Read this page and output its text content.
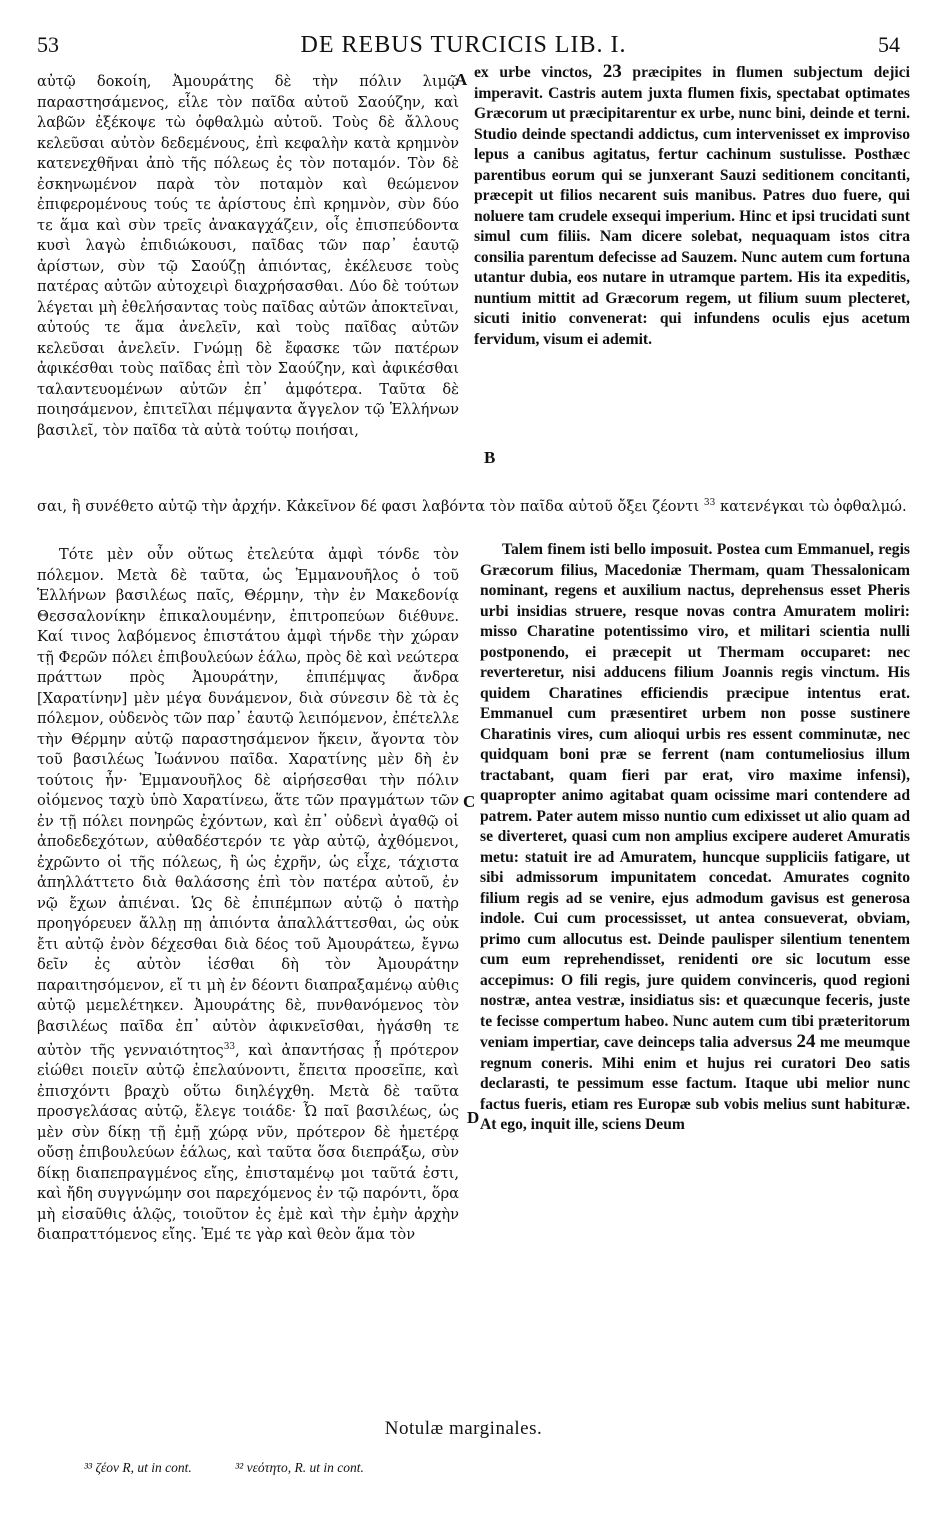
53	DE REBUS TURCICIS LIB. I.	54

αὐτῷ δοκοίη, Ἀμουράτης δὲ τὴν πόλιν λιμῷ παραστησάμενος, εἷλε τὸν παῖδα αὐτοῦ Σαούζην, καὶ λαβῶν ἐξέκοψε τὼ ὀφθαλμὼ αὐτοῦ. Τοὺς δὲ ἄλλους κελεῦσαι αὐτὸν δεδεμένους, ἐπὶ κεφαλὴν κατὰ κρημνὸν κατενεχθῆναι ἀπὸ τῆς πόλεως ἐς τὸν ποταμόν. Τὸν δὲ ἐσκηνωμένον παρὰ τὸν ποταμὸν καὶ θεώμενον ἐπιφερομένους τούς τε ἀρίστους ἐπὶ κρημνὸν, σὺν δύο τε ἅμα καὶ σὺν τρεῖς ἀνακαγχάζειν, οἷς ἐπισπεύδοντα κυσὶ λαγὼ ἐπιδιώκουσι, παῖδας τῶν παρ᾽ ἑαυτῷ ἀρίστων, σὺν τῷ Σαούζῃ ἀπιόντας, ἐκέλευσε τοὺς πατέρας αὐτῶν αὐτοχειρὶ διαχρήσασθαι. Δύο δὲ τούτων λέγεται μὴ ἐθελήσαντας τοὺς παῖδας αὐτῶν ἀποκτεῖναι, αὐτούς τε ἅμα ἀνελεῖν, καὶ τοὺς παῖδας αὐτῶν κελεῦσαι ἀνελεῖν. Γνώμῃ δὲ ἔφασκε τῶν πατέρων ἀφικέσθαι τοὺς παῖδας ἐπὶ τὸν Σαούζην, καὶ ἀφικέσθαι ταλαντευομένων αὐτῶν ἐπ᾽ ἀμφότερα. Ταῦτα δὲ ποιησάμενον, ἐπιτεῖλαι πέμψαντα ἄγγελον τῷ Ἑλλήνων βασιλεῖ, τὸν παῖδα τὰ αὐτὰ τούτῳ ποιήσαι,

ex urbe vinctos, 23 præcipites in flumen subjectum dejici imperavit. Castris autem juxta flumen fixis, spectabat optimates Græcorum ut præcipitarentur ex urbe, nunc bini, deinde et terni. Studio deinde spectandi addictus, cum intervenisset ex improviso lepus a canibus agitatus, fertur cachinum sustulisse. Posthæc parentibus eorum qui se junxerant Sauzi seditionem concitanti, præcepit ut filios necarent suis manibus. Patres duo fuere, qui noluere tam crudele exsequi imperium. Hinc et ipsi trucidati sunt simul cum filiis. Nam dicere solebat, nequaquam istos citra consilia parentum defecisse ad Sauzem. Nunc autem cum fortuna utantur dubia, eos nutare in utramque partem. His ita expeditis, nuntium mittit ad Græcorum regem, ut filium suum plecteret, sicuti initio convenerat: qui infundens oculis ejus acetum fervidum, visum ei ademit.

A
B
σαι, ἢ συνέθετο αὐτῷ τὴν ἀρχήν. Κἀκεῖνον δέ φασι λαβόντα τὸν παῖδα αὐτοῦ ὄξει ζέοντι $^{33}$ κατενέγκαι τὼ ὀφθαλμώ.

Τότε μὲν οὖν οὕτως ἐτελεύτα ἀμφὶ τόνδε τὸν πόλεμον. Μετὰ δὲ ταῦτα, ὡς Ἐμμανουῆλος ὁ τοῦ Ἑλλήνων βασιλέως παῖς, Θέρμην, τὴν ἐν Μακεδονίᾳ Θεσσαλονίκην ἐπικαλουμένην, ἐπιτροπεύων διέθυνε. Καί τινος λαβόμενος ἐπιστάτου ἀμφὶ τήνδε τὴν χώραν τῇ Φερῶν πόλει ἐπιβουλεύων ἑάλω, πρὸς δὲ καὶ νεώτερα πράττων πρὸς Ἀμουράτην, ἐπιπέμψας ἄνδρα [Χαρατίνην] μὲν μέγα δυνάμενον, διὰ σύνεσιν δὲ τὰ ἐς πόλεμον, οὐδενὸς τῶν παρ᾽ ἑαυτῷ λειπόμενον, ἐπέτελλε τὴν Θέρμην αὐτῷ παραστησάμενον ἥκειν, ἄγοντα τὸν τοῦ βασιλέως Ἰωάννου παῖδα. Χαρατίνης μὲν δὴ ἐν τούτοις ἦν· Ἐμμανουῆλος δὲ αἱρήσεσθαι τὴν πόλιν οἰόμενος ταχὺ ὑπὸ Χαρατίνεω, ἅτε τῶν πραγμάτων τῶν ἐν τῇ πόλει πονηρῶς ἐχόντων, καὶ ἐπ᾽ οὐδενὶ ἀγαθῷ οἱ ἀποδεδεχότων, αὐθαδέστερόν τε γὰρ αὐτῷ, ἀχθόμενοι, ἐχρῶντο οἱ τῆς πόλεως, ἢ ὡς ἐχρῆν, ὡς εἶχε, τάχιστα ἀπηλλάττετο διὰ θαλάσσης ἐπὶ τὸν πατέρα αὐτοῦ, ἐν νῷ ἔχων ἀπιέναι. Ὡς δὲ ἐπιπέμπων αὐτῷ ὁ πατὴρ προηγόρευεν ἄλλῃ πῃ ἀπιόντα ἀπαλλάττεσθαι, ὡς οὐκ ἔτι αὐτῷ ἐνὸν δέχεσθαι διὰ δέος τοῦ Ἀμουράτεω, ἔγνω δεῖν ἐς αὐτὸν ἰέσθαι δὴ τὸν Ἀμουράτην παραιτησόμενον, εἴ τι μὴ ἐν δέοντι διαπραξαμένῳ αὐθις αὐτῷ μεμελέτηκεν. Ἀμουράτης δὲ, πυνθανόμενος τὸν βασιλέως παῖδα ἐπ᾽ αὐτὸν ἀφικνεῖσθαι, ἠγάσθη τε αὐτὸν τῆς γενναιότητος$^{33}$, καὶ ἀπαντήσας ᾗ πρότερον εἰώθει ποιεῖν αὐτῷ ἐπελαύνοντι, ἔπειτα προσεῖπε, καὶ ἐπισχόντι βραχὺ οὕτω διηλέγχθη. Μετὰ δὲ ταῦτα προσγελάσας αὐτῷ, ἔλεγε τοιάδε· Ὦ παῖ βασιλέως, ὡς μὲν σὺν δίκῃ τῇ ἐμῇ χώρᾳ νῦν, πρότερον δὲ ἡμετέρᾳ οὔσῃ ἐπιβουλεύων ἑάλως, καὶ ταῦτα ὅσα διεπράξω, σὺν δίκῃ διαπεπραγμένος εἴης, ἐπισταμένῳ μοι ταῦτά ἐστι, καὶ ἤδη συγγνώμην σοι παρεχόμενος ἐν τῷ παρόντι, ὅρα μὴ εἰσαῦθις ἁλῷς, τοιοῦτον ἐς ἐμὲ καὶ τὴν ἐμὴν ἀρχὴν διαπραττόμενος εἴης. Ἐμέ τε γὰρ καὶ θεὸν ἅμα τὸν

C
D

Talem finem isti bello imposuit. Postea cum Emmanuel, regis Græcorum filius, Macedoniæ Thermam, quam Thessalonicam nominant, regens et auxilium nactus, deprehensus esset Pheris urbi insidias struere, resque novas contra Amuratem moliri: misso Charatine potentissimo viro, et militari scientia nulli postponendo, ei præcepit ut Thermam occuparet: nec reverteretur, nisi adducens filium Joannis regis vinctum. His quidem Charatines efficiendis præcipue intentus erat. Emmanuel cum præsentiret urbem non posse sustinere Charatinis vires, cum alioqui urbis res essent comminutæ, nec quidquam boni præ se ferrent (nam contumeliosius illum tractabant, quam fieri par erat, viro maxime infensi), quapropter animo agitabat quam ocissime mari contendere ad patrem. Pater autem misso nuntio cum edixisset ut alio quam ad se diverteret, quasi cum non amplius excipere auderet Amuratis metu: statuit ire ad Amuratem, huncque suppliciis fatigare, ut sibi admissorum impunitatem concedat. Amurates cognito filium regis ad se venire, ejus admodum gavisus est generosa indole. Cui cum processisset, ut antea consueverat, obviam, primo cum allocutus est. Deinde paulisper silentium tenentem cum eum reprehendisset, renidenti ore sic locutum esse accepimus: O fili regis, jure quidem convinceris, quod regioni nostræ, antea vestræ, insidiatus sis: et quæcunque feceris, juste te fecisse compertum habeo. Nunc autem cum tibi præteritorum veniam impertiar, cave deinceps talia adversus 24 me meumque regnum coneris. Mihi enim et hujus rei curatori Deo satis declarasti, te pessimum esse factum. Itaque ubi melior nunc factus fueris, etiam res Europæ sub vobis melius sunt habituræ. At ego, inquit ille, sciens Deum

Notulæ marginales.
³³ ζέον R, ut in cont.	³² νεότητο, R. ut in cont.
